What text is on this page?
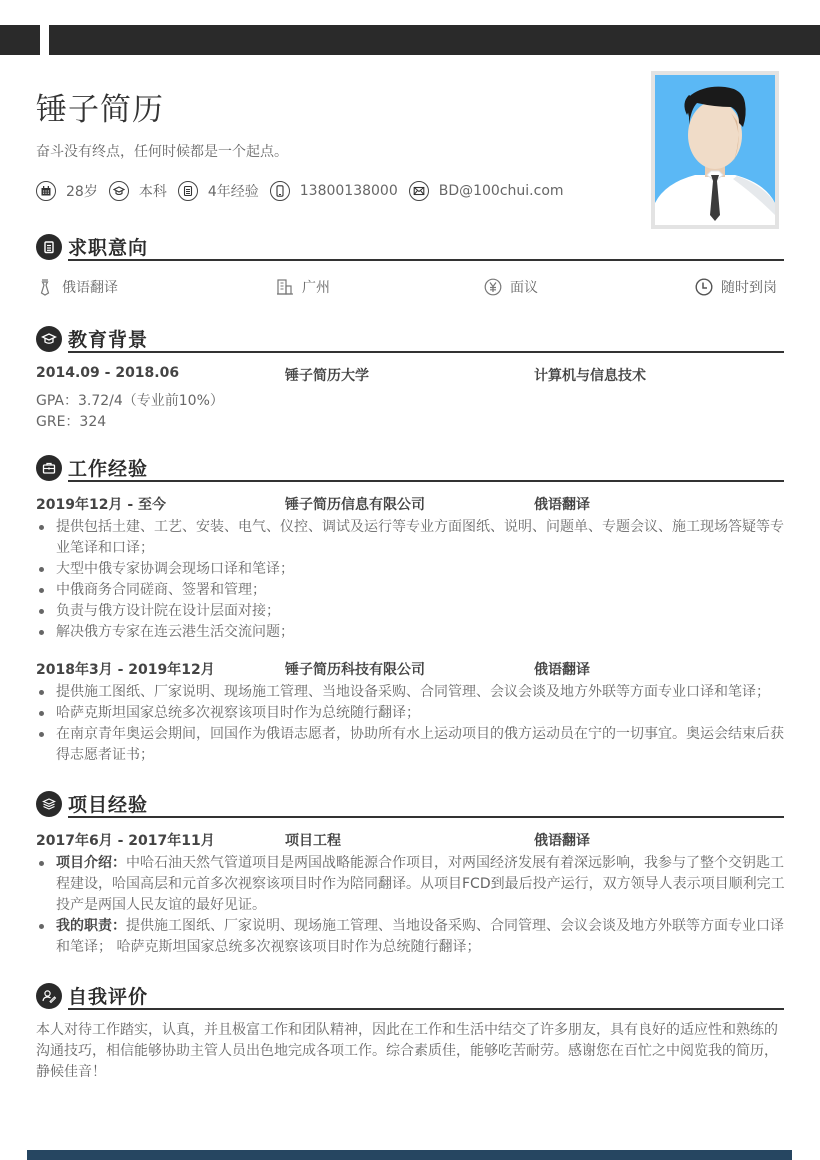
锤子简历
奋斗没有终点，任何时候都是一个起点。
28岁	本科	4年经验	13800138000	BD@100chui.com
求职意向
俄语翻译	广州	面议	随时到岗
教育背景
2014.09 - 2018.06	锤子简历大学	计算机与信息技术
GPA：3.72/4（专业前10%）
GRE：324
工作经验
2019年12月 - 至今	锤子简历信息有限公司	俄语翻译
提供包括土建、工艺、安装、电气、仪控、调试及运行等专业方面图纸、说明、问题单、专题会议、施工现场答疑等专业笔译和口译；
大型中俄专家协调会现场口译和笔译；
中俄商务合同磋商、签署和管理；
负责与俄方设计院在设计层面对接；
解决俄方专家在连云港生活交流问题；
2018年3月 - 2019年12月	锤子简历科技有限公司	俄语翻译
提供施工图纸、厂家说明、现场施工管理、当地设备采购、合同管理、会议会谈及地方外联等方面专业口译和笔译；
哈萨克斯坦国家总统多次视察该项目时作为总统随行翻译；
在南京青年奥运会期间，回国作为俄语志愿者，协助所有水上运动项目的俄方运动员在宁的一切事宜。奥运会结束后获得志愿者证书；
项目经验
2017年6月 - 2017年11月	项目工程	俄语翻译
项目介绍：中哈石油天然气管道项目是两国战略能源合作项目，对两国经济发展有着深远影响，我参与了整个交钥匙工程建设，哈国高层和元首多次视察该项目时作为陪同翻译。从项目FCD到最后投产运行，双方领导人表示项目顺利完工投产是两国人民友谊的最好见证。
我的职责：提供施工图纸、厂家说明、现场施工管理、当地设备采购、合同管理、会议会谈及地方外联等方面专业口译和笔译； 哈萨克斯坦国家总统多次视察该项目时作为总统随行翻译；
自我评价
本人对待工作踏实，认真，并且极富工作和团队精神，因此在工作和生活中结交了许多朋友，具有良好的适应性和熟练的沟通技巧，相信能够协助主管人员出色地完成各项工作。综合素质佳，能够吃苦耐劳。感谢您在百忙之中阅览我的简历，静候佳音！
